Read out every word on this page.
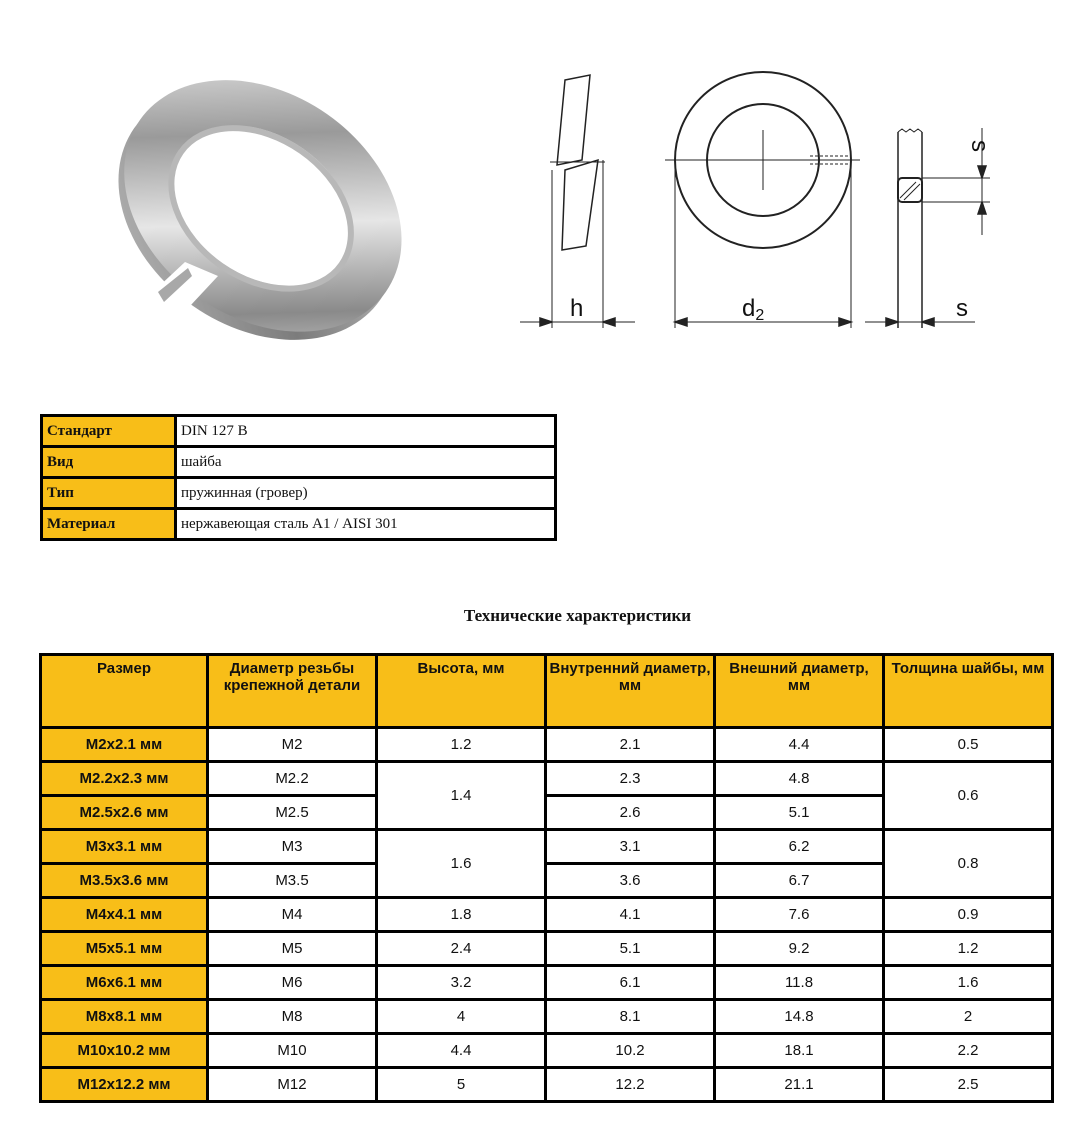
h	d2
s
s
Стандарт	DIN 127 B
Вид	шайба
Тип	пружинная (гровер)
Материал	нержавеющая сталь А1 / AISI 301
Технические характеристики
Размер	Диаметр резьбы крепежной детали	Высота, мм	Внутренний диаметр, мм	Внешний диаметр, мм	Толщина шайбы, мм
M2x2.1 мм	M2	1.2	2.1	4.4	0.5
M2.2x2.3 мм	M2.2	1.4	2.3	4.8	0.6
M2.5x2.6 мм	M2.5		2.6	5.1	
M3x3.1 мм	M3	1.6	3.1	6.2	0.8
M3.5x3.6 мм	M3.5		3.6	6.7	
M4x4.1 мм	M4	1.8	4.1	7.6	0.9
M5x5.1 мм	M5	2.4	5.1	9.2	1.2
M6x6.1 мм	M6	3.2	6.1	11.8	1.6
M8x8.1 мм	M8	4	8.1	14.8	2
M10x10.2 мм	M10	4.4	10.2	18.1	2.2
M12x12.2 мм	M12	5	12.2	21.1	2.5
